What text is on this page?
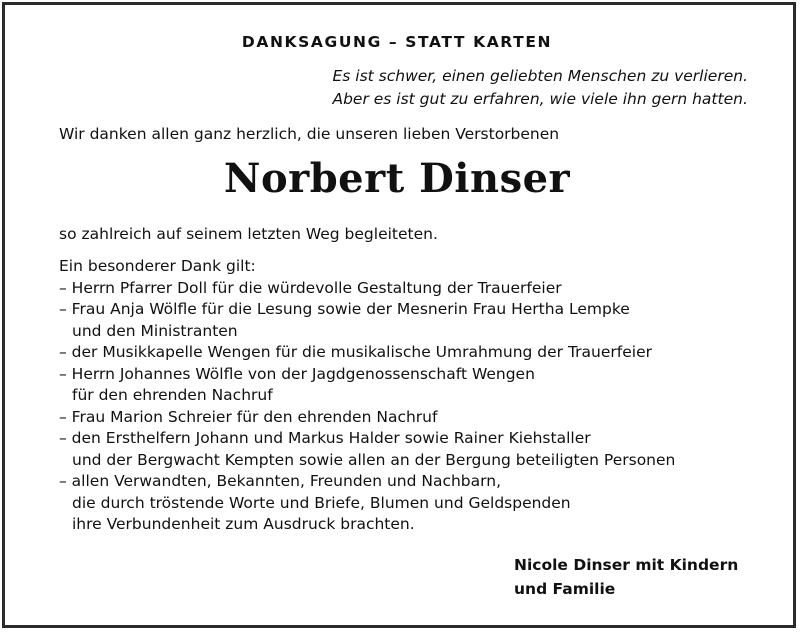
DANKSAGUNG – STATT KARTEN
Es ist schwer, einen geliebten Menschen zu verlieren.
Aber es ist gut zu erfahren, wie viele ihn gern hatten.
Wir danken allen ganz herzlich, die unseren lieben Verstorbenen
Norbert Dinser
so zahlreich auf seinem letzten Weg begleiteten.
Ein besonderer Dank gilt:
– Herrn Pfarrer Doll für die würdevolle Gestaltung der Trauerfeier
– Frau Anja Wölfle für die Lesung sowie der Mesnerin Frau Hertha Lempke
und den Ministranten
– der Musikkapelle Wengen für die musikalische Umrahmung der Trauerfeier
– Herrn Johannes Wölfle von der Jagdgenossenschaft Wengen
für den ehrenden Nachruf
– Frau Marion Schreier für den ehrenden Nachruf
– den Ersthelfern Johann und Markus Halder sowie Rainer Kiehstaller
und der Bergwacht Kempten sowie allen an der Bergung beteiligten Personen
– allen Verwandten, Bekannten, Freunden und Nachbarn,
die durch tröstende Worte und Briefe, Blumen und Geldspenden
ihre Verbundenheit zum Ausdruck brachten.
Nicole Dinser mit Kindern
und Familie
